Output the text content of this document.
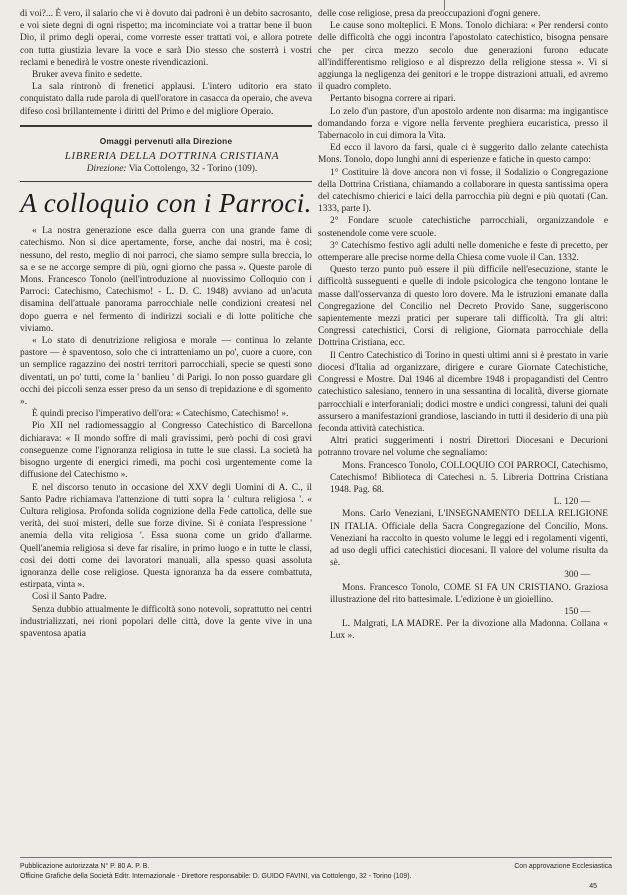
di voi?... È vero, il salario che vi è dovuto dai padroni è un debito sacrosanto, e voi siete degni di ogni rispetto; ma incominciate voi a trattar bene il buon Dio, il primo degli operai, come vorreste esser trattati voi, e allora potrete con tutta giustizia levare la voce e sarà Dio stesso che sosterrà i vostri reclami e benedirà le vostre oneste rivendicazioni.

Bruker aveva finito e sedette.

La sala rintronò di frenetici applausi. L'intero uditorio era stato conquistato dalla rude parola di quell'oratore in casacca da operaio, che aveva difeso così brillantemente i diritti del Primo e del migliore Operaio.

Omaggi pervenuti alla Direzione

LIBRERIA DELLA DOTTRINA CRISTIANA

Direzione: Via Cottolengo, 32 - Torino (109).

A colloquio con i Parroci.

« La nostra generazione esce dalla guerra con una grande fame di catechismo. Non si dice apertamente, forse, anche dai nostri, ma è così; nessuno, del resto, meglio di noi parroci, che siamo sempre sulla breccia, lo sa e se ne accorge sempre di più, ogni giorno che passa ». Queste parole di Mons. Francesco Tonolo (nell'introduzione al nuovissimo Colloquio con i Parroci: Catechismo, Catechismo! - L. D. C. 1948) avviano ad un'acuta disamina dell'attuale panorama parrocchiale nelle condizioni createsi nel dopo guerra e nel fermento di indirizzi sociali e di lotte politiche che viviamo.

« Lo stato di denutrizione religiosa e morale — continua lo zelante pastore — è spaventoso, solo che ci intratteniamo un po', cuore a cuore, con un semplice ragazzino dei nostri territori parrocchiali, specie se questi sono diventati, un po' tutti, come la ' banlieu ' di Parigi. Io non posso guardare gli occhi dei piccoli senza esser preso da un senso di trepidazione e di sgomento ».

È quindi preciso l'imperativo dell'ora: « Catechismo, Catechismo! ».

Pio XII nel radiomessaggio al Congresso Catechistico di Barcellona dichiarava: « Il mondo soffre di mali gravissimi, però pochi di così gravi conseguenze come l'ignoranza religiosa in tutte le sue classi. La società ha bisogno urgente di energici rimedi, ma pochi così urgentemente come la diffusione del Catechismo ».

E nel discorso tenuto in occasione del XXV degli Uomini di A. C., il Santo Padre richiamava l'attenzione di tutti sopra la ' cultura religiosa '. « Cultura religiosa. Profonda solida cognizione della Fede cattolica, delle sue verità, dei suoi misteri, delle sue forze divine. Si è coniata l'espressione ' anemia della vita religiosa '. Essa suona come un grido d'allarme. Quell'anemia religiosa si deve far risalire, in primo luogo e in tutte le classi, così dei dotti come dei lavoratori manuali, alla spesso quasi assoluta ignoranza delle cose religiose. Questa ignoranza ha da essere combattuta, estirpata, vinta ».

Così il Santo Padre.

Senza dubbio attualmente le difficoltà sono notevoli, soprattutto nei centri industrializzati, nei rioni popolari delle città, dove la gente vive in una spaventosa apatia

delle cose religiose, presa da preoccupazioni d'ogni genere.

Le cause sono molteplici. E Mons. Tonolo dichiara: « Per rendersi conto delle difficoltà che oggi incontra l'apostolato catechistico, bisogna pensare che per circa mezzo secolo due generazioni furono educate all'indifferentismo religioso e al disprezzo della religione stessa ». Vi si aggiunga la negligenza dei genitori e le troppe distrazioni attuali, ed avremo il quadro completo.

Pertanto bisogna correre ai ripari.

Lo zelo d'un pastore, d'un apostolo ardente non disarma: ma ingigantisce domandando forza e vigore nella fervente preghiera eucaristica, presso il Tabernacolo in cui dimora la Vita.

Ed ecco il lavoro da farsi, quale ci è suggerito dallo zelante catechista Mons. Tonolo, dopo lunghi anni di esperienze e fatiche in questo campo:

1° Costituire là dove ancora non vi fosse, il Sodalizio o Congregazione della Dottrina Cristiana, chiamando a collaborare in questa santissima opera del catechismo chierici e laici della parrocchia più degni e più quotati (Can. 1333, parte I).

2° Fondare scuole catechistiche parrocchiali, organizzandole e sostenendole come vere scuole.

3° Catechismo festivo agli adulti nelle domeniche e feste di precetto, per ottemperare alle precise norme della Chiesa come vuole il Can. 1332.

Questo terzo punto può essere il più difficile nell'esecuzione, stante le difficoltà susseguenti e quelle di indole psicologica che tengono lontane le masse dall'osservanza di questo loro dovere. Ma le istruzioni emanate dalla Congregazione del Concilio nel Decreto Provido Sane, suggeriscono sapientemente mezzi pratici per superare tali difficoltà. Tra gli altri: Congressi catechistici, Corsi di religione, Giornata parrocchiale della Dottrina Cristiana, ecc.

Il Centro Catechistico di Torino in questi ultimi anni si è prestato in varie diocesi d'Italia ad organizzare, dirigere e curare Giornate Catechistiche, Congressi e Mostre. Dal 1946 al dicembre 1948 i propagandisti del Centro catechistico salesiano, tennero in una sessantina di località, diverse giornate parrocchiali e interforaniali; dodici mostre e undici congressi, taluni dei quali assursero a manifestazioni grandiose, lasciando in tutti il desiderio di una più feconda attività catechistica.

Altri pratici suggerimenti i nostri Direttori Diocesani e Decurioni potranno trovare nel volume che segnaliamo:

Mons. Francesco Tonolo, COLLOQUIO COI PARROCI, Catechismo, Catechismo! Biblioteca di Catechesi n. 5. Libreria Dottrina Cristiana 1948. Pag. 68.
L. 120 —

Mons. Carlo Veneziani, L'INSEGNAMENTO DELLA RELIGIONE IN ITALIA. Officiale della Sacra Congregazione del Concilio, Mons. Veneziani ha raccolto in questo volume le leggi ed i regolamenti vigenti, ad uso degli uffici catechistici diocesani. Il valore del volume risulta da sè.
300 —

Mons. Francesco Tonolo, COME SI FA UN CRISTIANO. Graziosa illustrazione del rito battesimale. L'edizione è un gioiellino.
150 —

L. Malgrati, LA MADRE. Per la divozione alla Madonna. Collana « Lux ».

Pubblicazione autorizzata N° P. 80 A. P. B.	Con approvazione Ecclesiastica
Officine Grafiche della Società Editr. Internazionale - Direttore responsabile: D. GUIDO FAVINI, via Cottolengo, 32 - Torino (109).
45
